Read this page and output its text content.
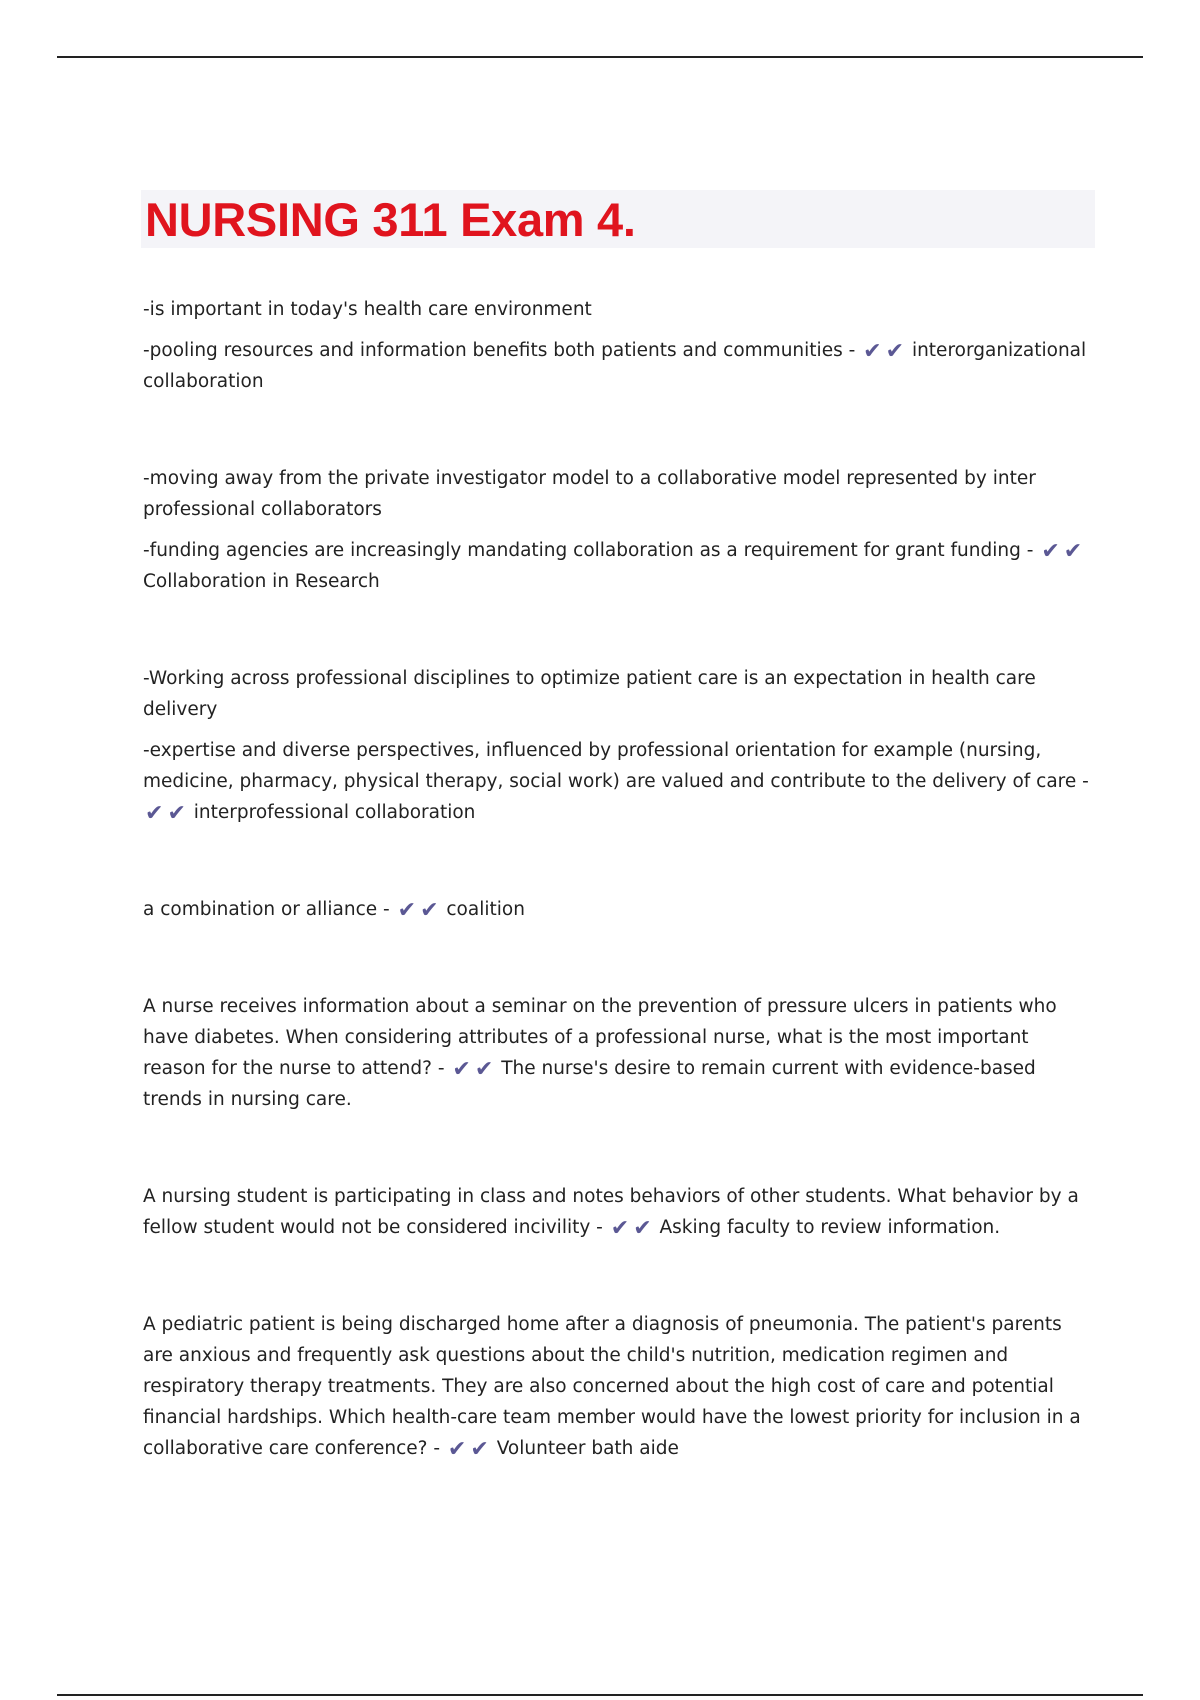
NURSING 311 Exam 4.

-is important in today's health care environment

-pooling resources and information benefits both patients and communities - ✔ ✔ interorganizational collaboration

-moving away from the private investigator model to a collaborative model represented by inter professional collaborators

-funding agencies are increasingly mandating collaboration as a requirement for grant funding - ✔ ✔ Collaboration in Research

-Working across professional disciplines to optimize patient care is an expectation in health care delivery

-expertise and diverse perspectives, influenced by professional orientation for example (nursing, medicine, pharmacy, physical therapy, social work) are valued and contribute to the delivery of care - ✔ ✔ interprofessional collaboration

a combination or alliance - ✔ ✔ coalition

A nurse receives information about a seminar on the prevention of pressure ulcers in patients who have diabetes. When considering attributes of a professional nurse, what is the most important reason for the nurse to attend? - ✔ ✔ The nurse's desire to remain current with evidence-based trends in nursing care.

A nursing student is participating in class and notes behaviors of other students. What behavior by a fellow student would not be considered incivility - ✔ ✔ Asking faculty to review information.

A pediatric patient is being discharged home after a diagnosis of pneumonia. The patient's parents are anxious and frequently ask questions about the child's nutrition, medication regimen and respiratory therapy treatments. They are also concerned about the high cost of care and potential financial hardships. Which health-care team member would have the lowest priority for inclusion in a collaborative care conference? - ✔ ✔ Volunteer bath aide
